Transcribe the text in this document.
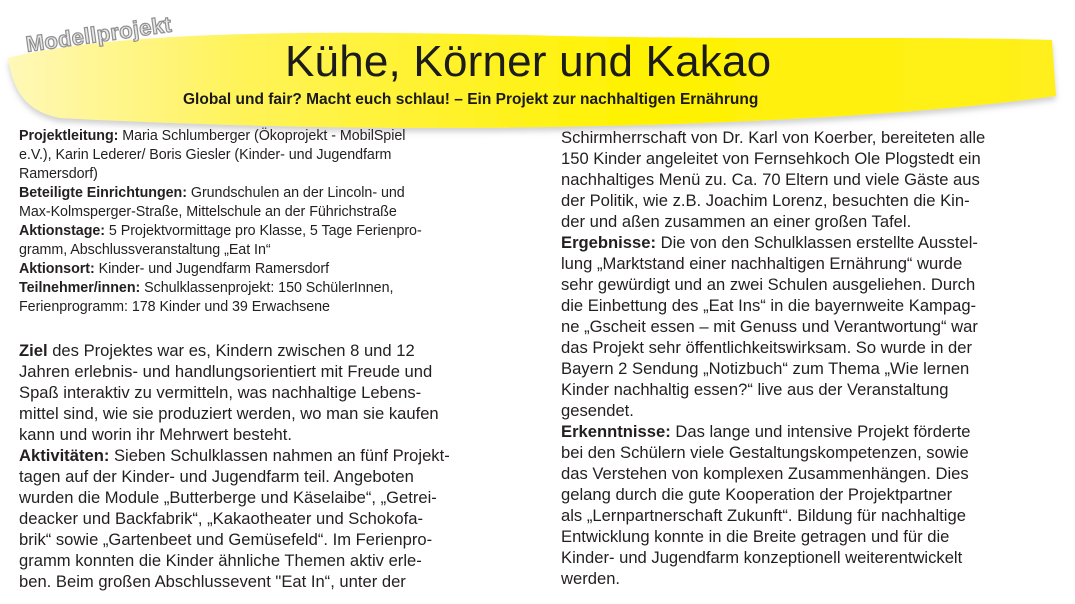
Modellprojekt
Kühe, Körner und Kakao
Global und fair? Macht euch schlau! – Ein Projekt zur nachhaltigen Ernährung
Projektleitung: Maria Schlumberger (Ökoprojekt - MobilSpiel
e.V.), Karin Lederer/ Boris Giesler (Kinder- und Jugendfarm
Ramersdorf)
Beteiligte Einrichtungen: Grundschulen an der Lincoln- und
Max-Kolmsperger-Straße, Mittelschule an der Führichstraße
Aktionstage: 5 Projektvormittage pro Klasse, 5 Tage Ferienpro-
gramm, Abschlussveranstaltung „Eat In“
Aktionsort: Kinder- und Jugendfarm Ramersdorf
Teilnehmer/innen: Schulklassenprojekt: 150 SchülerInnen,
Ferienprogramm: 178 Kinder und 39 Erwachsene
Ziel des Projektes war es, Kindern zwischen 8 und 12
Jahren erlebnis- und handlungsorientiert mit Freude und
Spaß interaktiv zu vermitteln, was nachhaltige Lebens-
mittel sind, wie sie produziert werden, wo man sie kaufen
kann und worin ihr Mehrwert besteht.
Aktivitäten: Sieben Schulklassen nahmen an fünf Projekt-
tagen auf der Kinder- und Jugendfarm teil. Angeboten
wurden die Module „Butterberge und Käselaibe“, „Getrei-
deacker und Backfabrik“, „Kakaotheater und Schokofa-
brik“ sowie „Gartenbeet und Gemüsefeld“. Im Ferienpro-
gramm konnten die Kinder ähnliche Themen aktiv erle-
ben. Beim großen Abschlussevent "Eat In“, unter der
Schirmherrschaft von Dr. Karl von Koerber, bereiteten alle
150 Kinder angeleitet von Fernsehkoch Ole Plogstedt ein
nachhaltiges Menü zu. Ca. 70 Eltern und viele Gäste aus
der Politik, wie z.B. Joachim Lorenz, besuchten die Kin-
der und aßen zusammen an einer großen Tafel.
Ergebnisse: Die von den Schulklassen erstellte Ausstel-
lung „Marktstand einer nachhaltigen Ernährung“ wurde
sehr gewürdigt und an zwei Schulen ausgeliehen. Durch
die Einbettung des „Eat Ins“ in die bayernweite Kampag-
ne „Gscheit essen – mit Genuss und Verantwortung“ war
das Projekt sehr öffentlichkeitswirksam. So wurde in der
Bayern 2 Sendung „Notizbuch“ zum Thema „Wie lernen
Kinder nachhaltig essen?“ live aus der Veranstaltung
gesendet.
Erkenntnisse: Das lange und intensive Projekt förderte
bei den Schülern viele Gestaltungskompetenzen, sowie
das Verstehen von komplexen Zusammenhängen. Dies
gelang durch die gute Kooperation der Projektpartner
als „Lernpartnerschaft Zukunft“. Bildung für nachhaltige
Entwicklung konnte in die Breite getragen und für die
Kinder- und Jugendfarm konzeptionell weiterentwickelt
werden.
